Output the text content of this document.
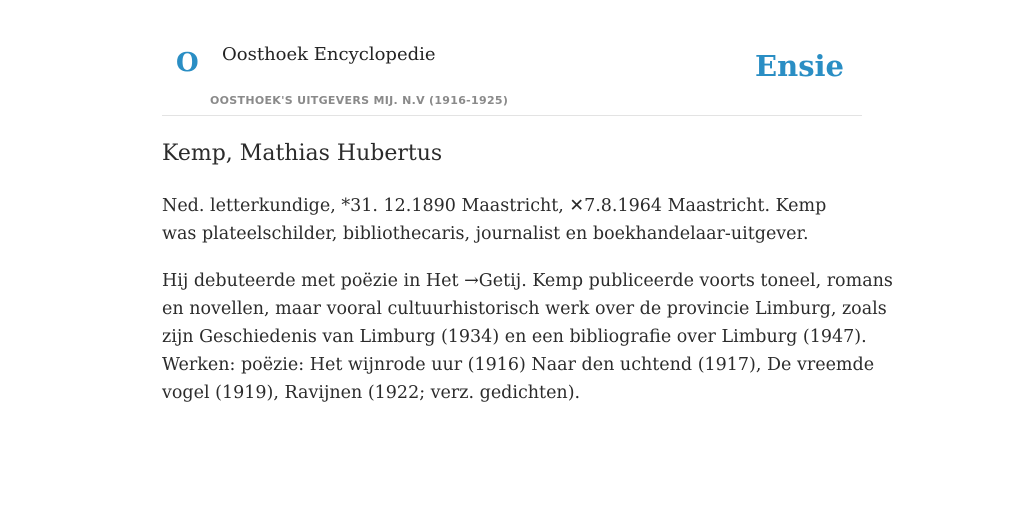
O Oosthoek Encyclopedie
OOSTHOEK'S UITGEVERS MIJ. N.V (1916-1925)
Ensie
Kemp, Mathias Hubertus

Ned. letterkundige, *31. 12.1890 Maastricht, ✕7.8.1964 Maastricht. Kemp was plateelschilder, bibliothecaris, journalist en boekhandelaar-uitgever.

Hij debuteerde met poëzie in Het →Getij. Kemp publiceerde voorts toneel, romans
en novellen, maar vooral cultuurhistorisch werk over de provincie Limburg, zoals
zijn Geschiedenis van Limburg (1934) en een bibliografie over Limburg (1947).
Werken: poëzie: Het wijnrode uur (1916) Naar den uchtend (1917), De vreemde
vogel (1919), Ravijnen (1922; verz. gedichten).
